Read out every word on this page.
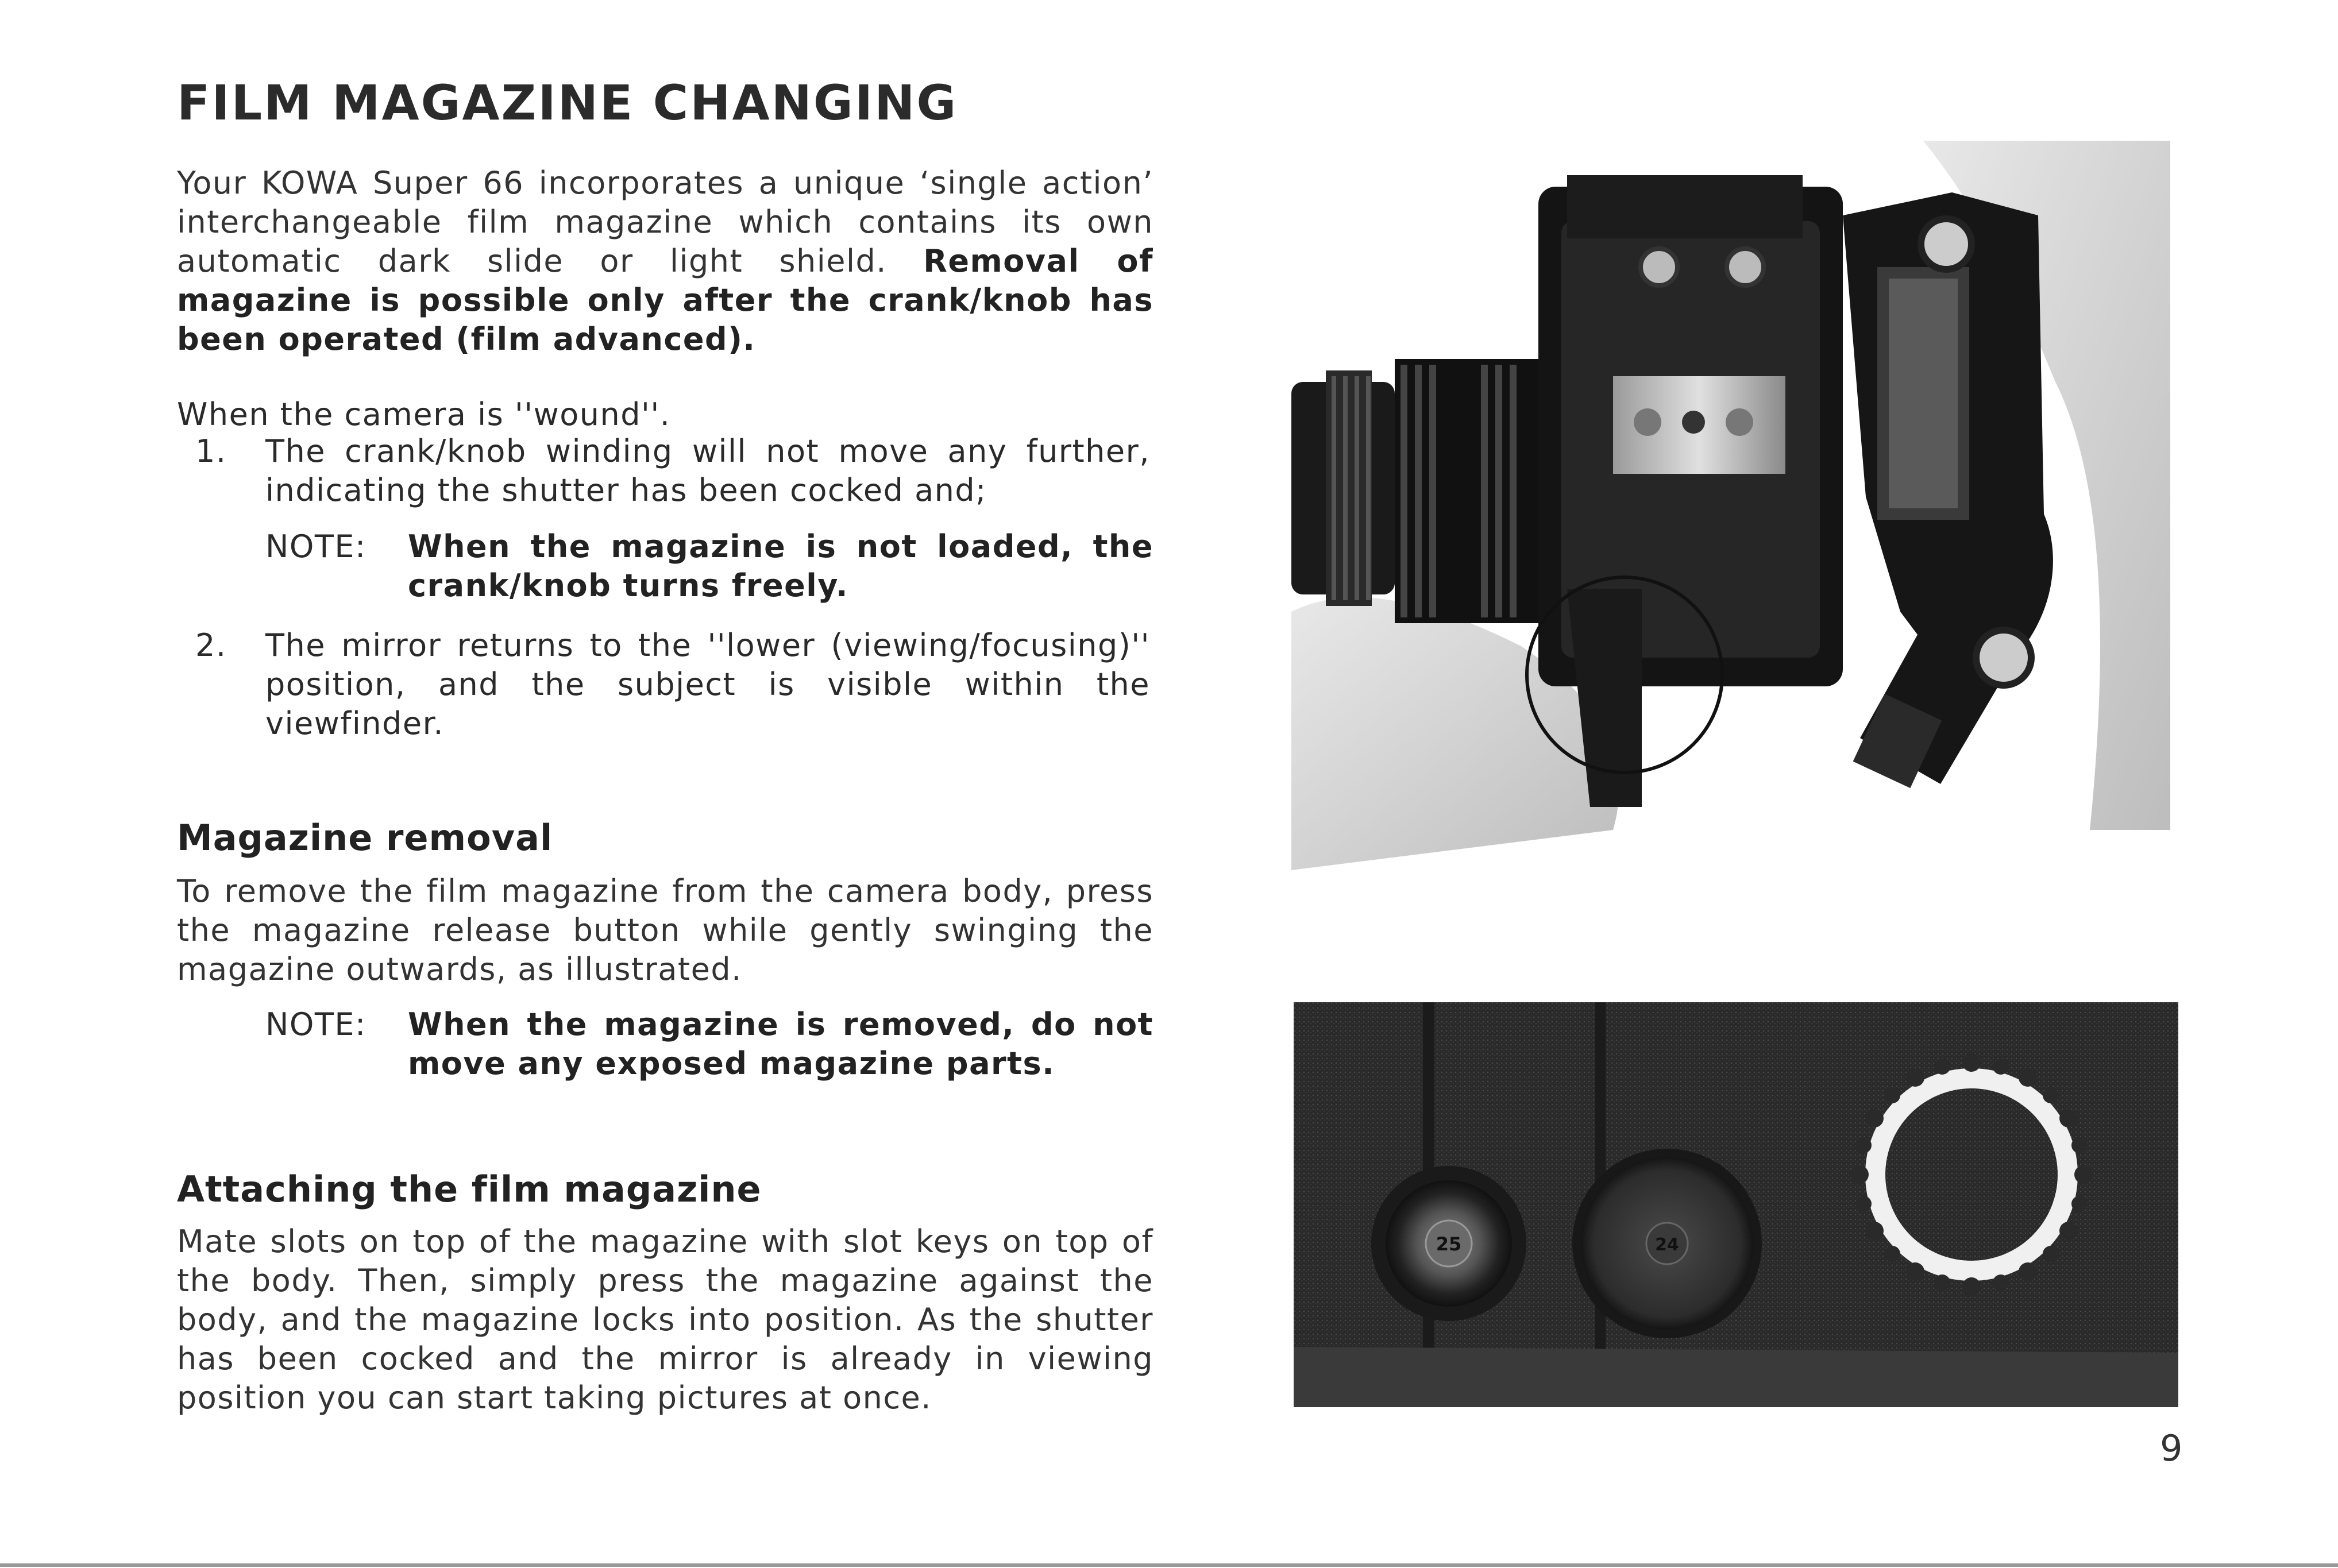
FILM MAGAZINE CHANGING

Your KOWA Super 66 incorporates a unique ‘single action’ interchangeable film magazine which contains its own automatic dark slide or light shield. Removal of magazine is possible only after the crank/knob has been operated (film advanced).

When the camera is ''wound''.
1. The crank/knob winding will not move any further, indicating the shutter has been cocked and;
NOTE: When the magazine is not loaded, the crank/knob turns freely.
2. The mirror returns to the ''lower (viewing/focusing)'' position, and the subject is visible within the viewfinder.
Magazine removal

To remove the film magazine from the camera body, press the magazine release button while gently swinging the magazine outwards, as illustrated.

NOTE: When the magazine is removed, do not move any exposed magazine parts.
Attaching the film magazine

Mate slots on top of the magazine with slot keys on top of the body. Then, simply press the magazine against the body, and the magazine locks into position. As the shutter has been cocked and the mirror is already in viewing position you can start taking pictures at once.

25	24
9
